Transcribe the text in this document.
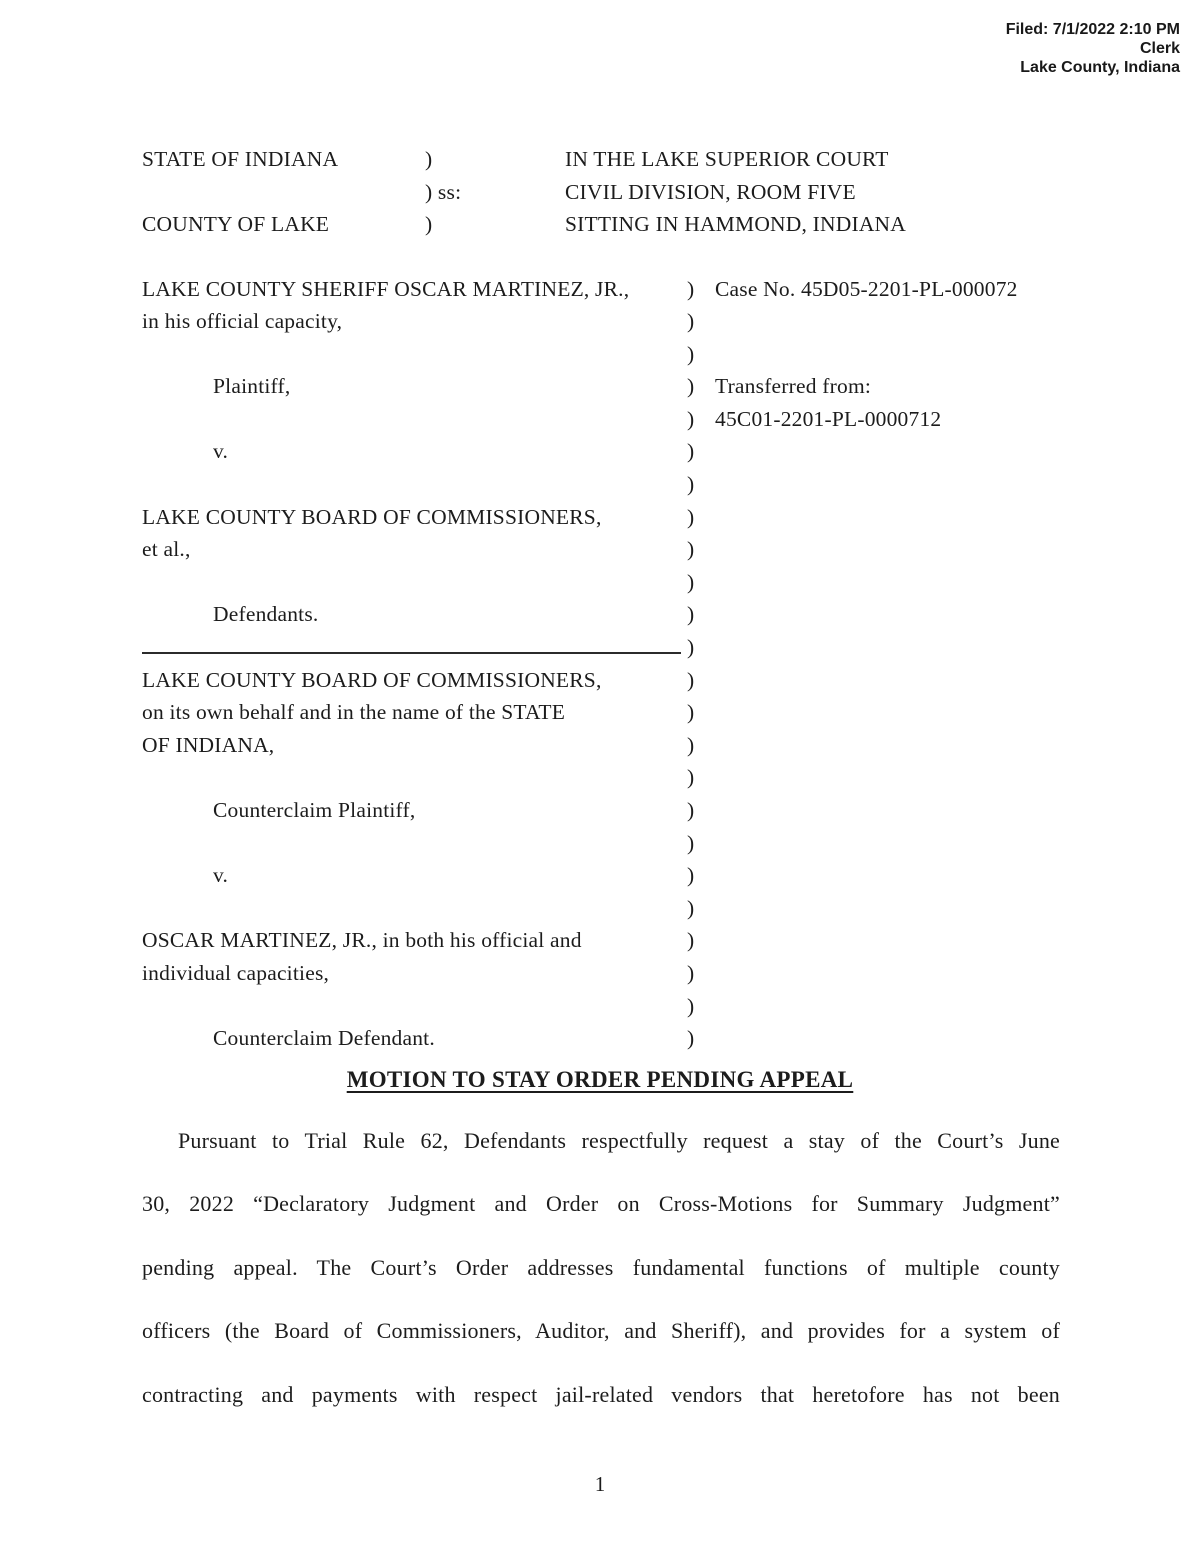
Filed: 7/1/2022 2:10 PM
Clerk
Lake County, Indiana
STATE OF INDIANA	)	IN THE LAKE SUPERIOR COURT
) ss:	CIVIL DIVISION, ROOM FIVE
COUNTY OF LAKE	)	SITTING IN HAMMOND, INDIANA
LAKE COUNTY SHERIFF OSCAR MARTINEZ, JR.,	) Case No. 45D05-2201-PL-000072
in his official capacity,	)
)
Plaintiff,	) Transferred from:
) 45C01-2201-PL-0000712
v.	)
)
LAKE COUNTY BOARD OF COMMISSIONERS,	)
et al.,	)
)
Defendants.	)
)
LAKE COUNTY BOARD OF COMMISSIONERS,	)
on its own behalf and in the name of the STATE	)
OF INDIANA,	)
)
Counterclaim Plaintiff,	)
)
v.	)
)
OSCAR MARTINEZ, JR., in both his official and	)
individual capacities,	)
)
Counterclaim Defendant.	)
MOTION TO STAY ORDER PENDING APPEAL
Pursuant to Trial Rule 62, Defendants respectfully request a stay of the Court’s June
30, 2022 “Declaratory Judgment and Order on Cross-Motions for Summary Judgment”
pending appeal. The Court’s Order addresses fundamental functions of multiple county
officers (the Board of Commissioners, Auditor, and Sheriff), and provides for a system of
contracting and payments with respect jail-related vendors that heretofore has not been
1
